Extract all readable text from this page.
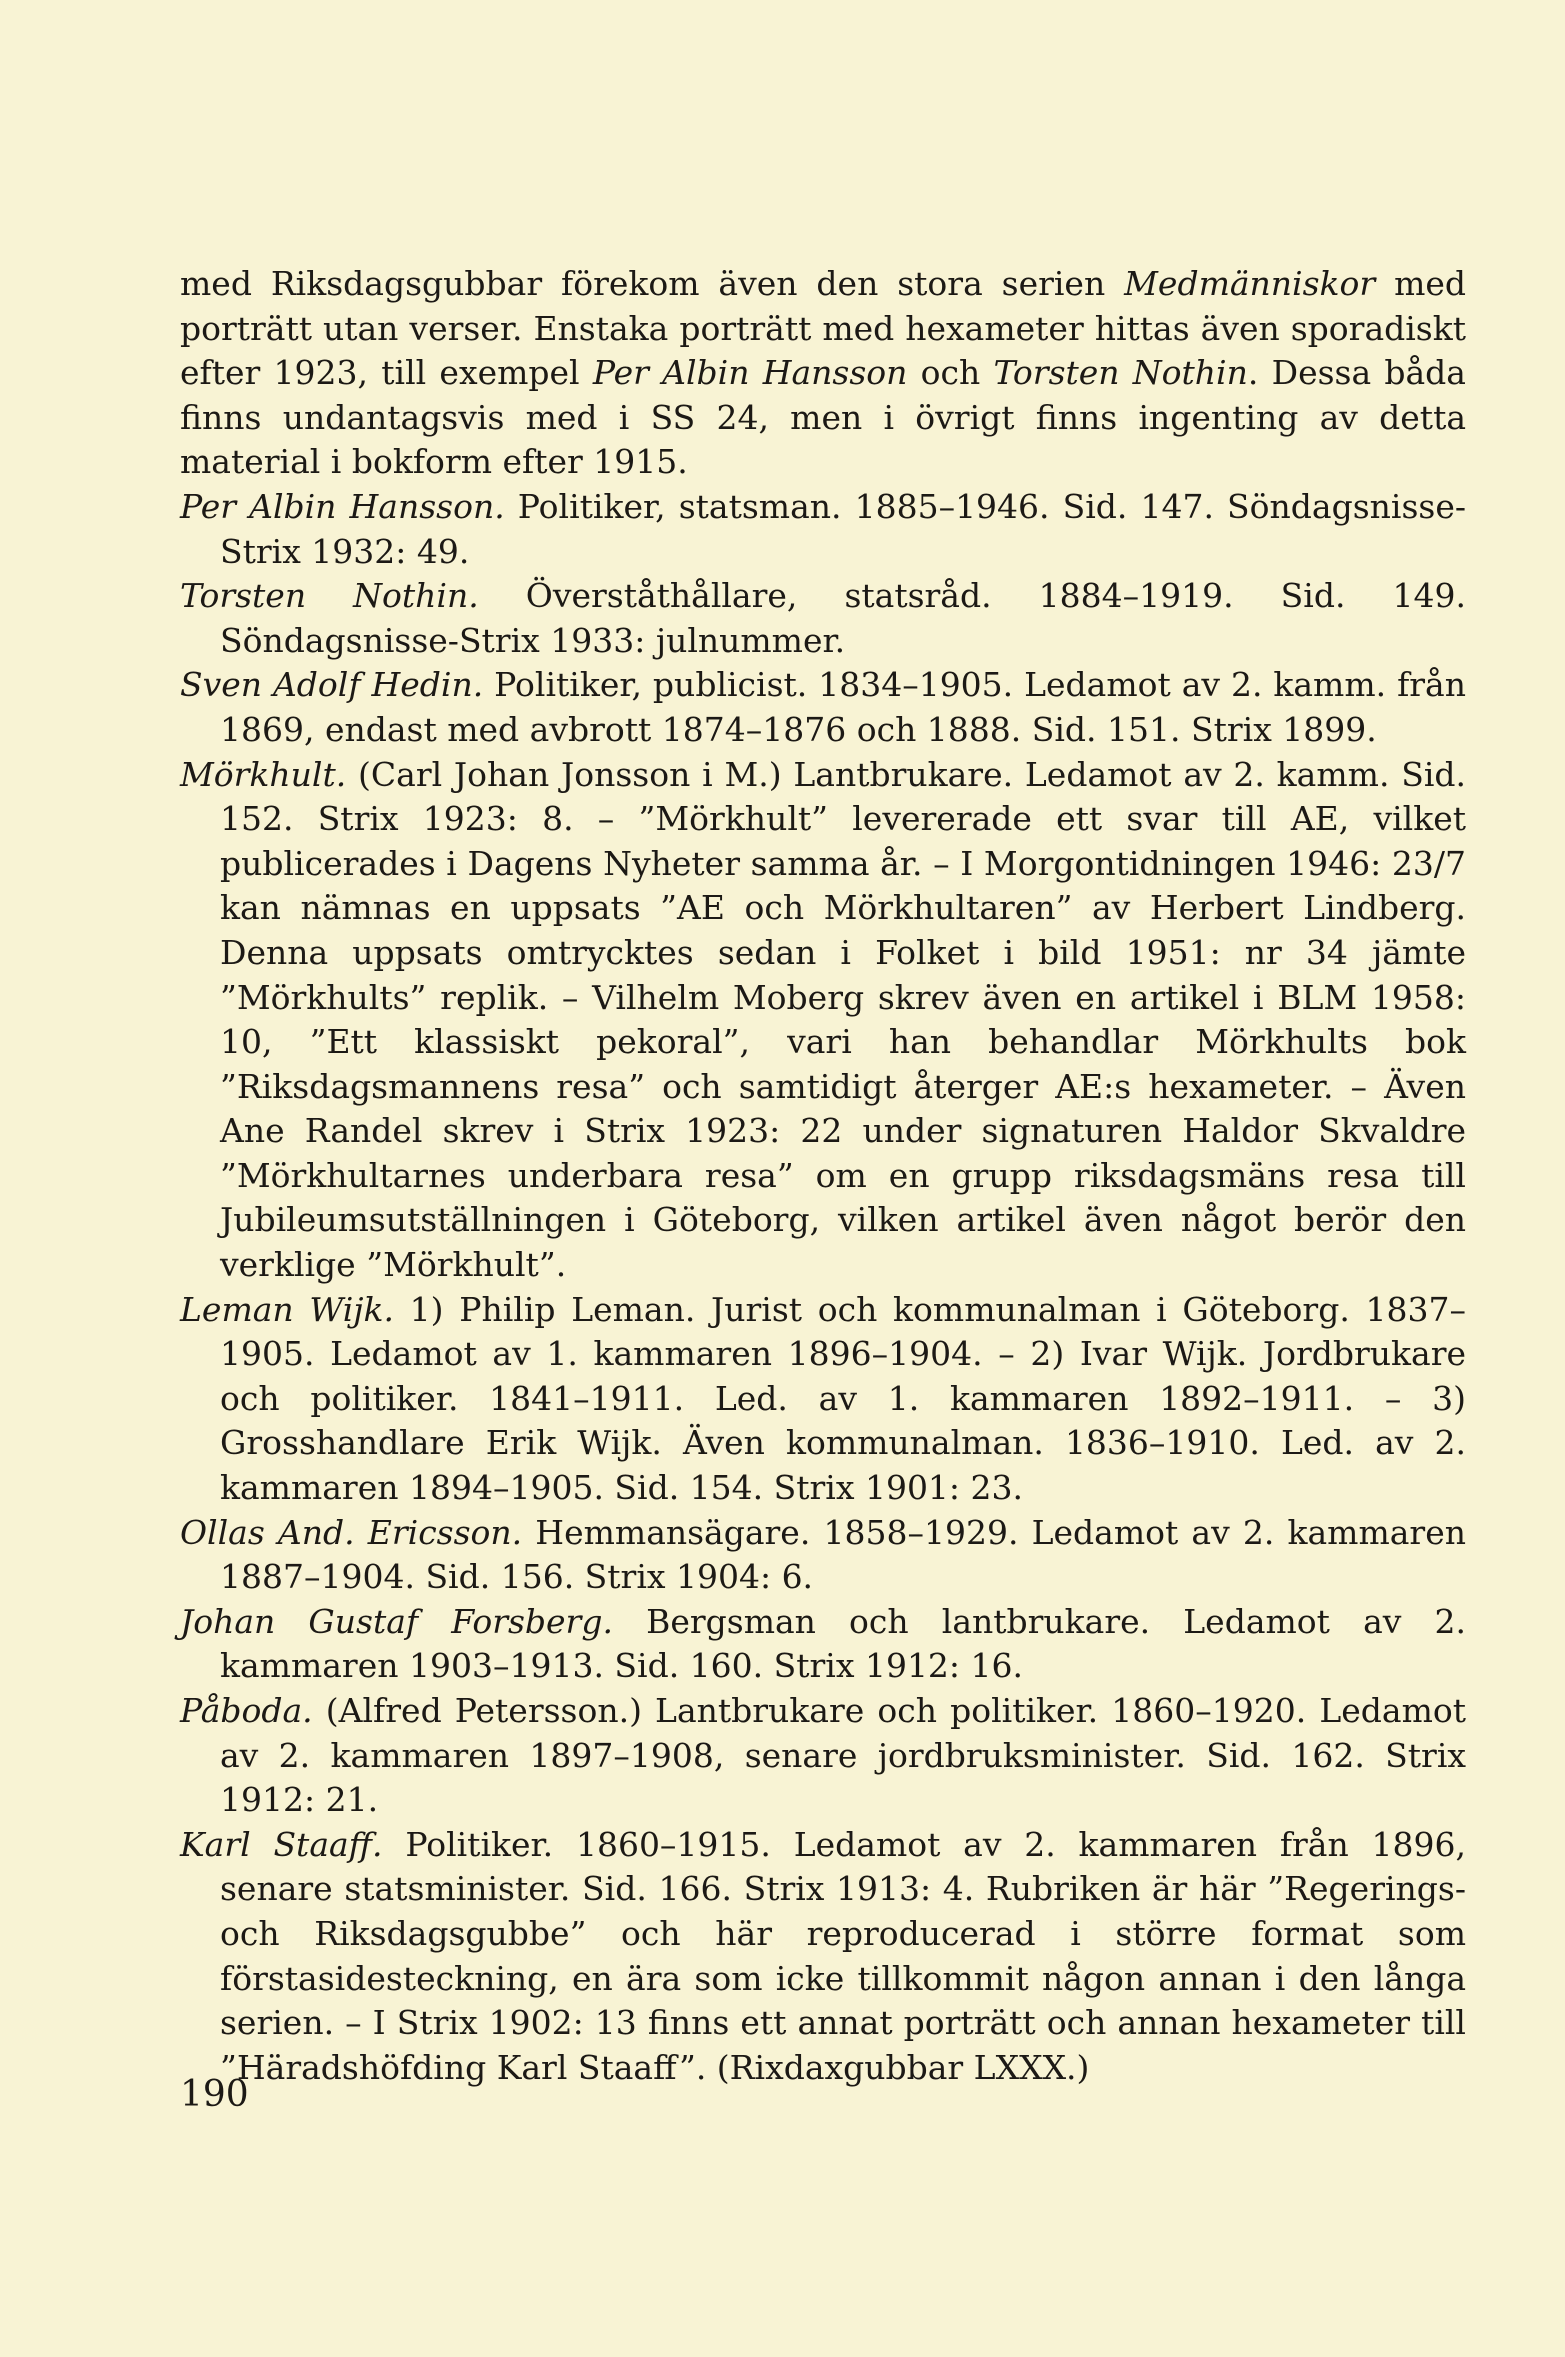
med Riksdagsgubbar förekom även den stora serien Medmänniskor med porträtt utan verser. Enstaka porträtt med hexameter hittas även sporadiskt efter 1923, till exempel Per Albin Hansson och Torsten Nothin. Dessa båda finns undantagsvis med i SS 24, men i övrigt finns ingenting av detta material i bokform efter 1915.

Per Albin Hansson. Politiker, statsman. 1885–1946. Sid. 147. Söndagsnisse-Strix 1932: 49.

Torsten Nothin. Överståthållare, statsråd. 1884–1919. Sid. 149. Söndagsnisse-Strix 1933: julnummer.

Sven Adolf Hedin. Politiker, publicist. 1834–1905. Ledamot av 2. kamm. från 1869, endast med avbrott 1874–1876 och 1888. Sid. 151. Strix 1899.

Mörkhult. (Carl Johan Jonsson i M.) Lantbrukare. Ledamot av 2. kamm. Sid. 152. Strix 1923: 8. – ”Mörkhult” levererade ett svar till AE, vilket publicerades i Dagens Nyheter samma år. – I Morgontidningen 1946: 23/7 kan nämnas en uppsats ”AE och Mörkhultaren” av Herbert Lindberg. Denna uppsats omtrycktes sedan i Folket i bild 1951: nr 34 jämte ”Mörkhults” replik. – Vilhelm Moberg skrev även en artikel i BLM 1958: 10, ”Ett klassiskt pekoral”, vari han behandlar Mörkhults bok ”Riksdagsmannens resa” och samtidigt återger AE:s hexameter. – Även Ane Randel skrev i Strix 1923: 22 under signaturen Haldor Skvaldre ”Mörkhultarnes underbara resa” om en grupp riksdagsmäns resa till Jubileumsutställningen i Göteborg, vilken artikel även något berör den verklige ”Mörkhult”.

Leman Wijk. 1) Philip Leman. Jurist och kommunalman i Göteborg. 1837–1905. Ledamot av 1. kammaren 1896–1904. – 2) Ivar Wijk. Jordbrukare och politiker. 1841–1911. Led. av 1. kammaren 1892–1911. – 3) Grosshandlare Erik Wijk. Även kommunalman. 1836–1910. Led. av 2. kammaren 1894–1905. Sid. 154. Strix 1901: 23.

Ollas And. Ericsson. Hemmansägare. 1858–1929. Ledamot av 2. kammaren 1887–1904. Sid. 156. Strix 1904: 6.

Johan Gustaf Forsberg. Bergsman och lantbrukare. Ledamot av 2. kammaren 1903–1913. Sid. 160. Strix 1912: 16.

Påboda. (Alfred Petersson.) Lantbrukare och politiker. 1860–1920. Ledamot av 2. kammaren 1897–1908, senare jordbruksminister. Sid. 162. Strix 1912: 21.

Karl Staaff. Politiker. 1860–1915. Ledamot av 2. kammaren från 1896, senare statsminister. Sid. 166. Strix 1913: 4. Rubriken är här ”Regerings- och Riksdagsgubbe” och här reproducerad i större format som förstasidesteckning, en ära som icke tillkommit någon annan i den långa serien. – I Strix 1902: 13 finns ett annat porträtt och annan hexameter till ”Häradshöfding Karl Staaff”. (Rixdaxgubbar LXXX.)

190
